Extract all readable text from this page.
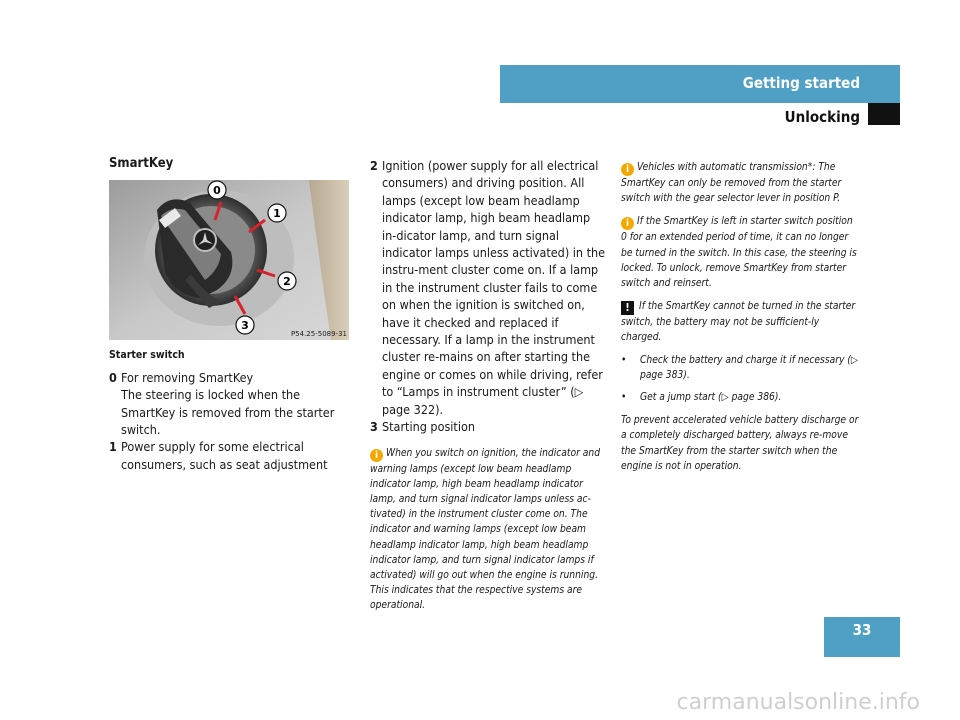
Getting started
Unlocking
SmartKey
0
1
2
3
P54.25-5089-31
Starter switch
0 For removing SmartKey
The steering is locked when the SmartKey is removed from the starter switch.
1 Power supply for some electrical consumers, such as seat adjustment
2 Ignition (power supply for all electrical consumers) and driving position. All lamps (except low beam headlamp indicator lamp, high beam headlamp in-dicator lamp, and turn signal indicator lamps unless activated) in the instru-ment cluster come on. If a lamp in the instrument cluster fails to come on when the ignition is switched on, have it checked and replaced if necessary. If a lamp in the instrument cluster re-mains on after starting the engine or comes on while driving, refer to “Lamps in instrument cluster” (▷ page 322).
3 Starting position
i When you switch on ignition, the indicator and warning lamps (except low beam headlamp indicator lamp, high beam headlamp indicator lamp, and turn signal indicator lamps unless ac-tivated) in the instrument cluster come on. The indicator and warning lamps (except low beam headlamp indicator lamp, high beam headlamp indicator lamp, and turn signal indicator lamps if activated) will go out when the engine is running. This indicates that the respective systems are operational.
i Vehicles with automatic transmission*: The SmartKey can only be removed from the starter switch with the gear selector lever in position P.
i If the SmartKey is left in starter switch position 0 for an extended period of time, it can no longer be turned in the switch. In this case, the steering is locked. To unlock, remove SmartKey from starter switch and reinsert.
! If the SmartKey cannot be turned in the starter switch, the battery may not be sufficient-ly charged.
•	Check the battery and charge it if necessary (▷ page 383).
•	Get a jump start (▷ page 386).
To prevent accelerated vehicle battery discharge or a completely discharged battery, always re-move the SmartKey from the starter switch when the engine is not in operation.
33
carmanualsonline.info
